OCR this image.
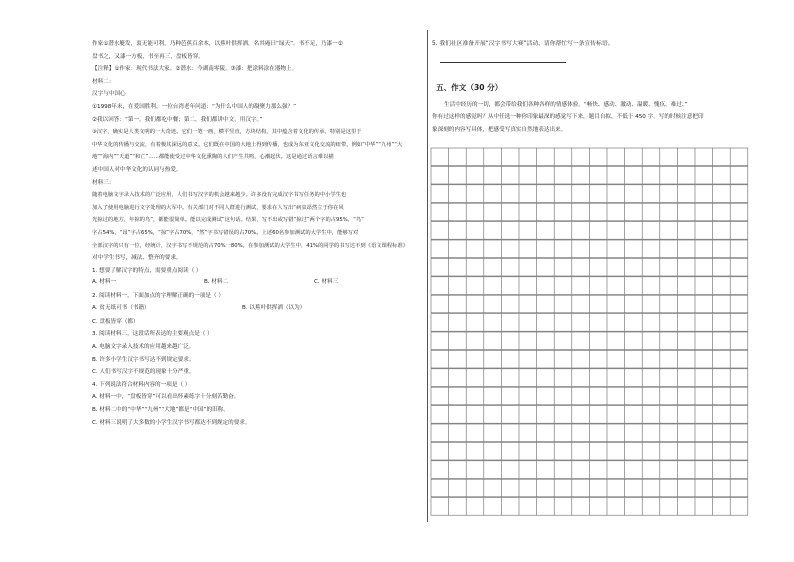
作家①潜水艇发，衷无能可利，乃种芭蕉百余本，以蕉叶供挥洒，名其庵曰“绿天”。书不足，乃漆一②

盘书之，又漆一方板，书至再三，盘板皆穿。

【注释】①作家：现代书法大家。②潜水：今湖南零陵。③漆：把涂料涂在器物上。

材料二：

汉字与中国心

①1998年末，在爱国胜利，一位台湾老年问道：“为什么中国人的凝聚力那么强？”

②我以回答：“第一，我们都吃中餐；第二，我们都讲中文，用汉字。”

③汉字，确实是人类文明的一大奇迹。它们一笔一画，横平竖直，方块结构，其中蕴含着文化的传承，特别是这里于

中华文化的传播与交流，有着极其深远的意义。它们既在中国的大地上得到传播，也成为东亚文化交流的纽带，例如“中华”“九州”“大

地”“海内”“天道”“和亡”……都能使受过中华文化熏陶的人们产生共鸣，心潮起伏。这是通过语言难以描

述中国人对中华文化的认同与热爱。

材料三：

随着电脑文字录入技术的广泛应用，人们书写汉字的机会越来越少。许多没有完成汉字书写任务的中小学生也

加入了使用电脑进行文字处理的大军中。有关部门对不同人群进行测试，要求在人写出“病虫昂然立于你在风

光掠过的地方，年掠的鸟”，都能很简单。能以完成测试”这句话。结果，写不出或写错“掠过”两个字的占95%，“鸟”

字占54%，“昂”字占65%，“掠”字占70%，“然”字书写错误的占70%。上述60名参加测试的大学生中，能够写对

全部汉字的只有一位，经统计，汉字书写不规范的占70%一80%。在参加测试的大学生中，41%的同学的书写达不到《语文课程标准》

对中学生书写，减法、整齐的要求。

1. 想要了解汉字的特点，需要重点阅读（ ）

A. 材料一	B. 材料二	C. 材料三

2. 阅读材料一，下面加点的字理解正确的一项是（ ）

A. 贫无纸可书（书籍）	B. 以蕉叶供挥洒（以为）

C. 盘板皆穿（都）

3. 阅读材料三，这段话所表达的主要观点是（ ）

A. 电脑文字录入技术的应用越来越广泛。

B. 许多小学生汉字书写达不到规定要求。

C. 人们书写汉字不规范的现象十分严重。

4. 下列说法符合材料内容的一项是（ ）

A. 材料一中，“盘板皆穿”可以看出怀素练字十分刻苦勤奋。

B. 材料二中的“中华”“九州”“大地”都是“中国”的旧称。

C. 材料三说明了大多数的小学生汉字书写都达不到规定的要求。

5. 我们社区准备开展“汉字书写大赛”活动，请你帮忙写一条宣传标语。

五、作文（30 分）

生活中经历的一切，都会带给我们各种各样的情感体验。“畅快、感动、激动、温暖、愧疚、难过、”

你有过这样的感觉吗？从中任选一种你印象最深的感觉写下来，题目自拟，不低于 450 字。写的时候注意把印

象深刻的内容写具体，把感受写真实自然地表达出来。
